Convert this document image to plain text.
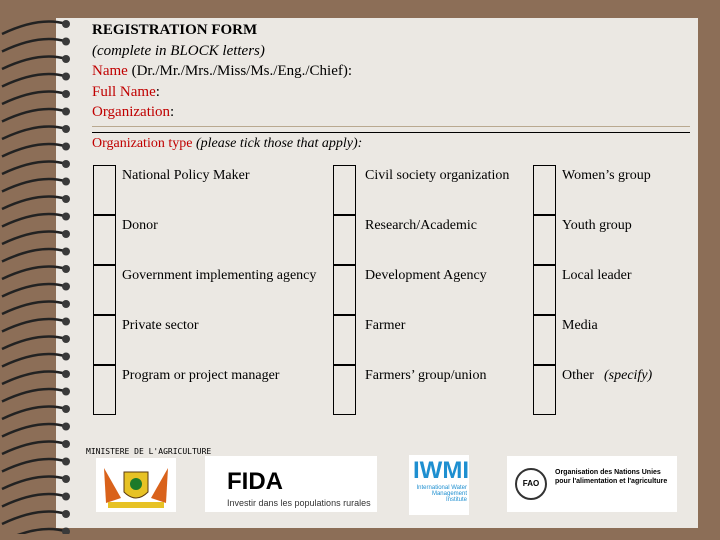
REGISTRATION FORM
(complete in BLOCK letters)
Name (Dr./Mr./Mrs./Miss/Ms./Eng./Chief):
Full Name:
Organization:
Organization type (please tick those that apply):
National Policy Maker	Civil society organization	Women’s group
Donor	Research/Academic	Youth group
Government implementing agency	Development Agency	Local leader
Private sector	Farmer	Media
Program or project manager	Farmers’ group/union	Other (specify)
MINISTERE DE L'AGRICULTURE
FIDA
Investir dans les populations rurales
IWMI
International Water Management Institute
FAO
Organisation des Nations Unies pour l'alimentation et l'agriculture
